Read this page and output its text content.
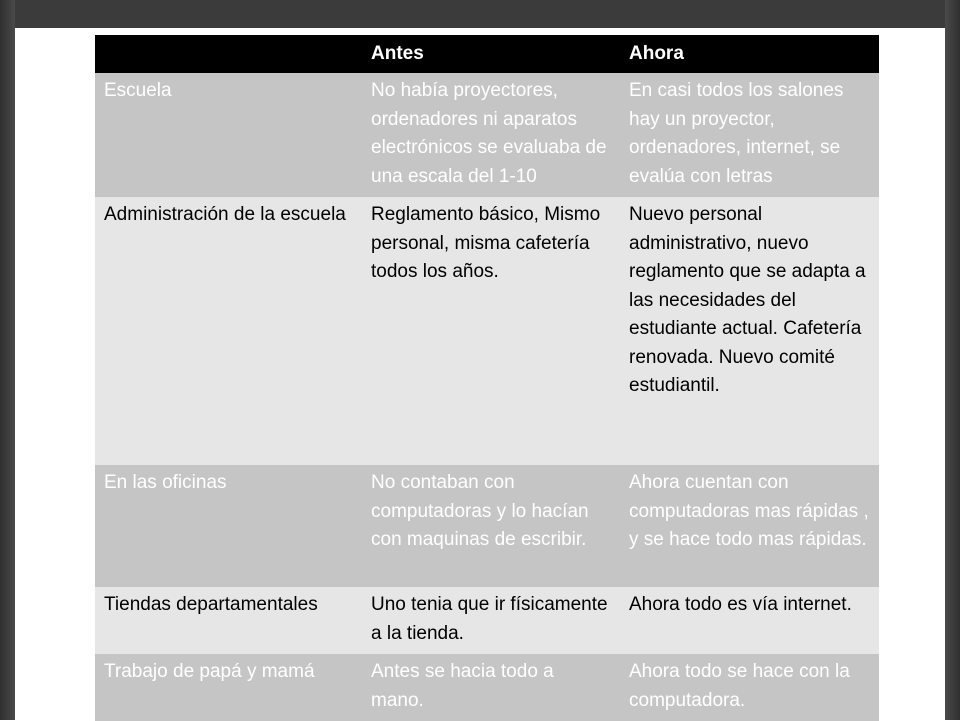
	Antes	Ahora
Escuela	No había proyectores, ordenadores ni aparatos electrónicos se evaluaba de una escala del 1-10	En casi todos los salones hay un proyector, ordenadores, internet, se evalúa con letras
Administración de la escuela	Reglamento básico, Mismo personal, misma cafetería todos los años.	Nuevo personal administrativo, nuevo reglamento que se adapta a las necesidades del estudiante actual. Cafetería renovada. Nuevo comité estudiantil.
En las oficinas	No contaban con computadoras y lo hacían con maquinas de escribir.	Ahora cuentan con computadoras mas rápidas , y se hace todo mas rápidas.
Tiendas departamentales	Uno tenia que ir físicamente a la tienda.	Ahora todo es vía internet.
Trabajo de papá y mamá	Antes se hacia todo a mano.	Ahora todo se hace con la computadora.
